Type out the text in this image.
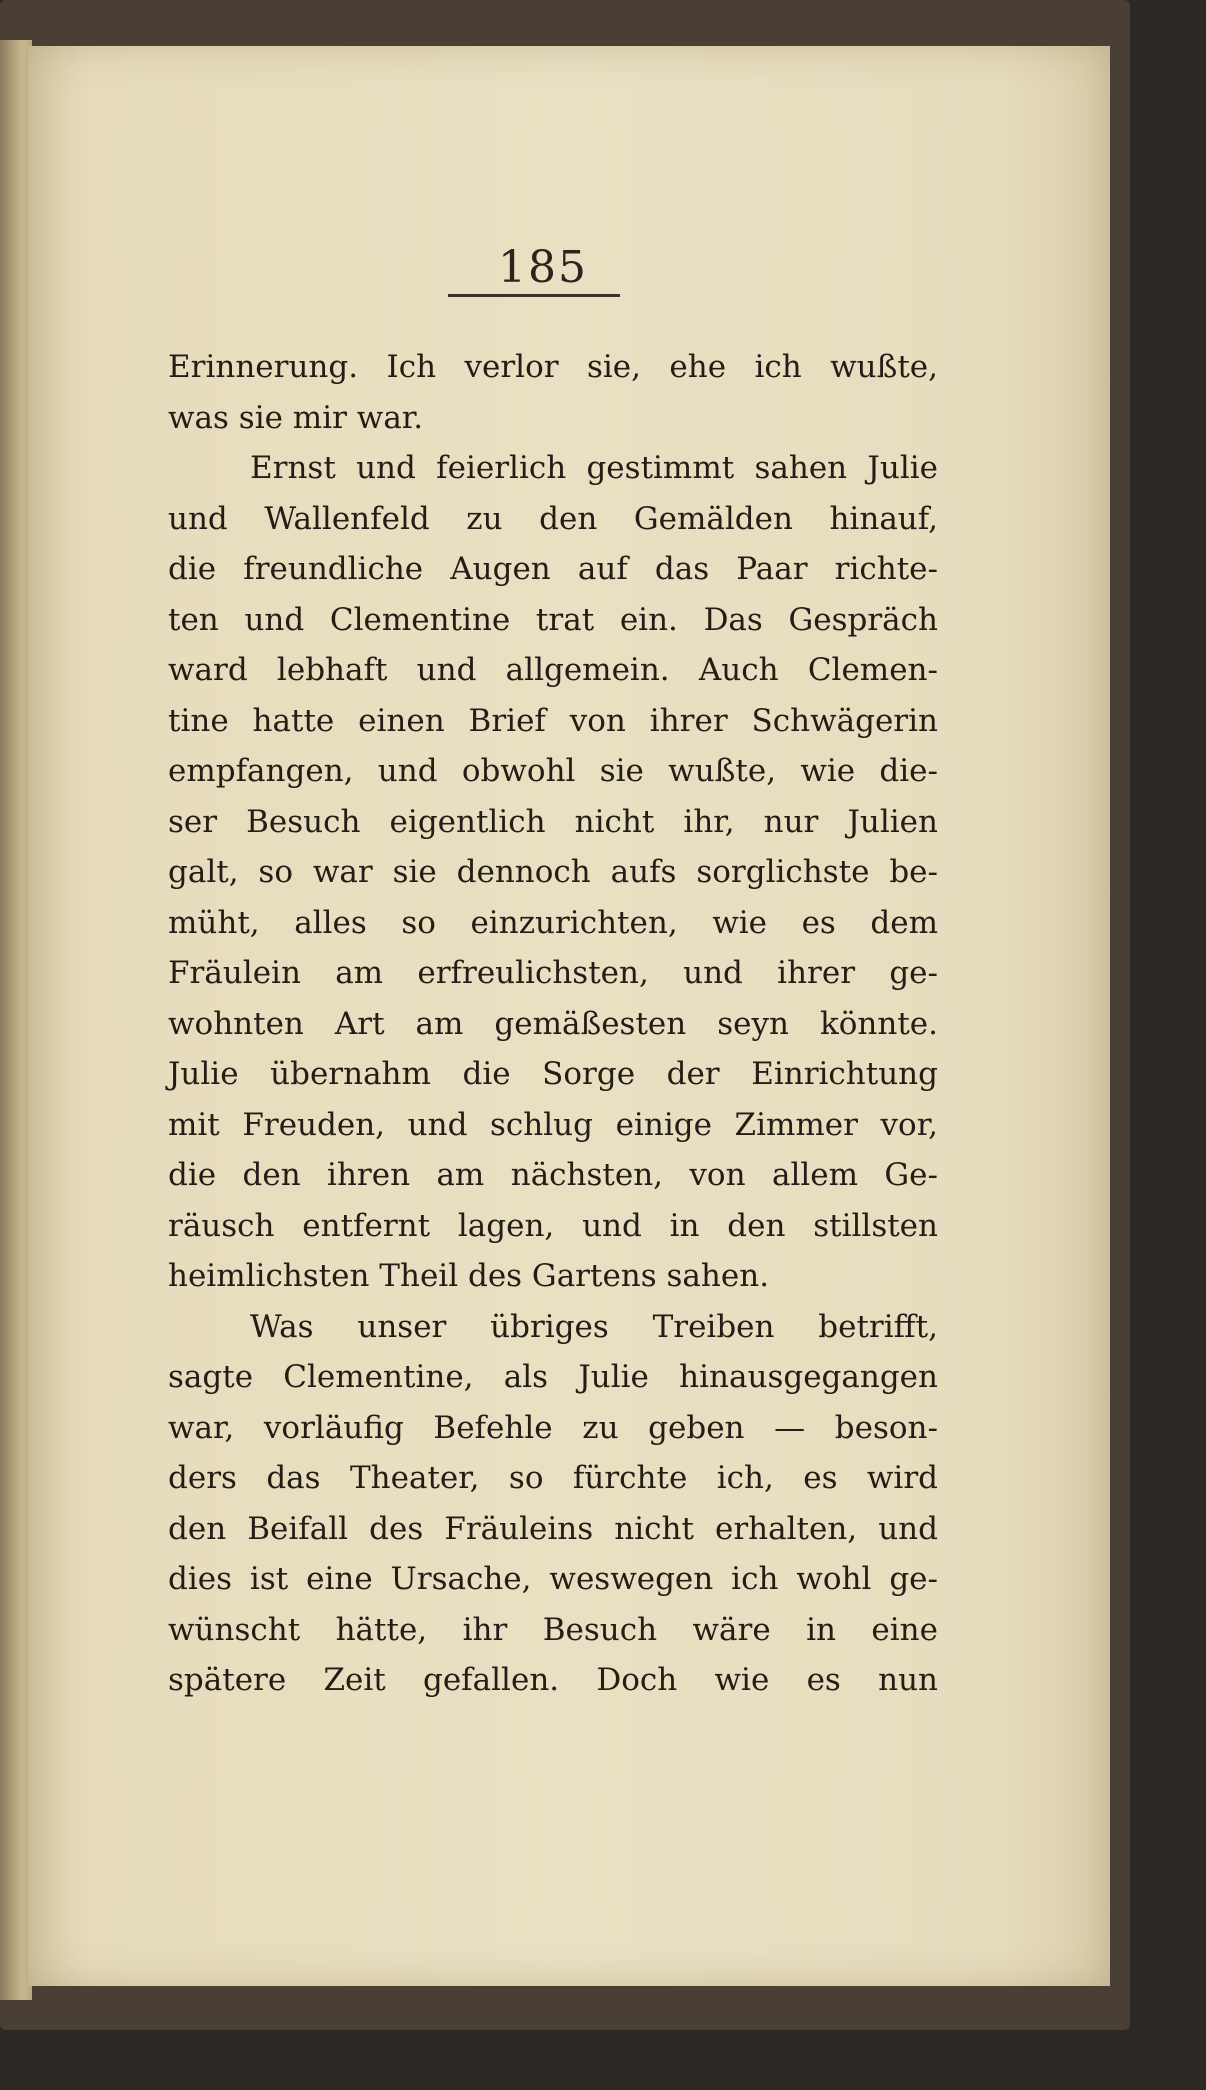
185
Erinnerung. Ich verlor sie, ehe ich wußte,
was sie mir war.
Ernst und feierlich gestimmt sahen Julie
und Wallenfeld zu den Gemälden hinauf,
die freundliche Augen auf das Paar richte-
ten und Clementine trat ein. Das Gespräch
ward lebhaft und allgemein. Auch Clemen-
tine hatte einen Brief von ihrer Schwägerin
empfangen, und obwohl sie wußte, wie die-
ser Besuch eigentlich nicht ihr, nur Julien
galt, so war sie dennoch aufs sorglichste be-
müht, alles so einzurichten, wie es dem
Fräulein am erfreulichsten, und ihrer ge-
wohnten Art am gemäßesten seyn könnte.
Julie übernahm die Sorge der Einrichtung
mit Freuden, und schlug einige Zimmer vor,
die den ihren am nächsten, von allem Ge-
räusch entfernt lagen, und in den stillsten
heimlichsten Theil des Gartens sahen.
Was unser übriges Treiben betrifft,
sagte Clementine, als Julie hinausgegangen
war, vorläufig Befehle zu geben — beson-
ders das Theater, so fürchte ich, es wird
den Beifall des Fräuleins nicht erhalten, und
dies ist eine Ursache, weswegen ich wohl ge-
wünscht hätte, ihr Besuch wäre in eine
spätere Zeit gefallen. Doch wie es nun
